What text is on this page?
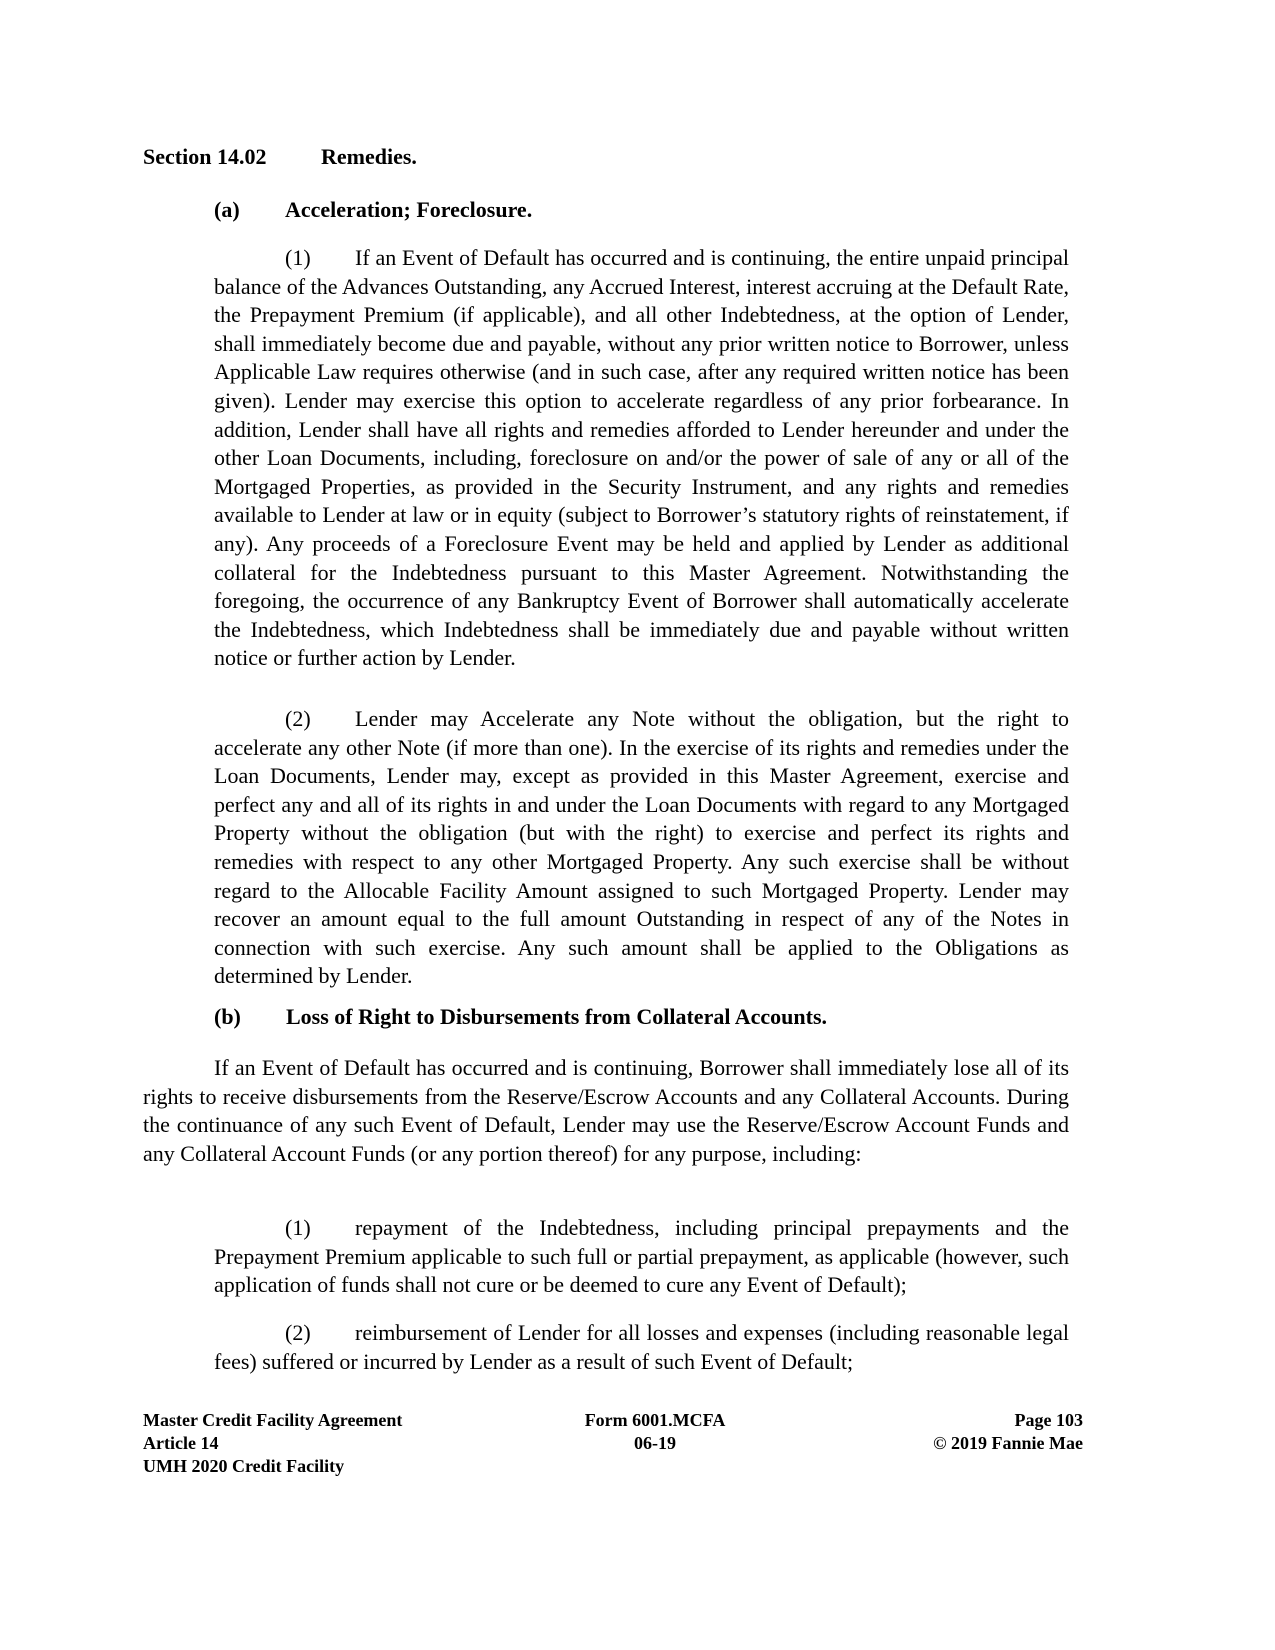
Section 14.02 Remedies.
(a) Acceleration; Foreclosure.
(1) If an Event of Default has occurred and is continuing, the entire unpaid principal balance of the Advances Outstanding, any Accrued Interest, interest accruing at the Default Rate, the Prepayment Premium (if applicable), and all other Indebtedness, at the option of Lender, shall immediately become due and payable, without any prior written notice to Borrower, unless Applicable Law requires otherwise (and in such case, after any required written notice has been given). Lender may exercise this option to accelerate regardless of any prior forbearance. In addition, Lender shall have all rights and remedies afforded to Lender hereunder and under the other Loan Documents, including, foreclosure on and/or the power of sale of any or all of the Mortgaged Properties, as provided in the Security Instrument, and any rights and remedies available to Lender at law or in equity (subject to Borrower’s statutory rights of reinstatement, if any). Any proceeds of a Foreclosure Event may be held and applied by Lender as additional collateral for the Indebtedness pursuant to this Master Agreement. Notwithstanding the foregoing, the occurrence of any Bankruptcy Event of Borrower shall automatically accelerate the Indebtedness, which Indebtedness shall be immediately due and payable without written notice or further action by Lender.
(2) Lender may Accelerate any Note without the obligation, but the right to accelerate any other Note (if more than one). In the exercise of its rights and remedies under the Loan Documents, Lender may, except as provided in this Master Agreement, exercise and perfect any and all of its rights in and under the Loan Documents with regard to any Mortgaged Property without the obligation (but with the right) to exercise and perfect its rights and remedies with respect to any other Mortgaged Property. Any such exercise shall be without regard to the Allocable Facility Amount assigned to such Mortgaged Property. Lender may recover an amount equal to the full amount Outstanding in respect of any of the Notes in connection with such exercise. Any such amount shall be applied to the Obligations as determined by Lender.
(b) Loss of Right to Disbursements from Collateral Accounts.
If an Event of Default has occurred and is continuing, Borrower shall immediately lose all of its rights to receive disbursements from the Reserve/Escrow Accounts and any Collateral Accounts. During the continuance of any such Event of Default, Lender may use the Reserve/Escrow Account Funds and any Collateral Account Funds (or any portion thereof) for any purpose, including:
(1) repayment of the Indebtedness, including principal prepayments and the Prepayment Premium applicable to such full or partial prepayment, as applicable (however, such application of funds shall not cure or be deemed to cure any Event of Default);
(2) reimbursement of Lender for all losses and expenses (including reasonable legal fees) suffered or incurred by Lender as a result of such Event of Default;
Master Credit Facility Agreement
Article 14
UMH 2020 Credit Facility
Form 6001.MCFA
06-19
Page 103
© 2019 Fannie Mae
